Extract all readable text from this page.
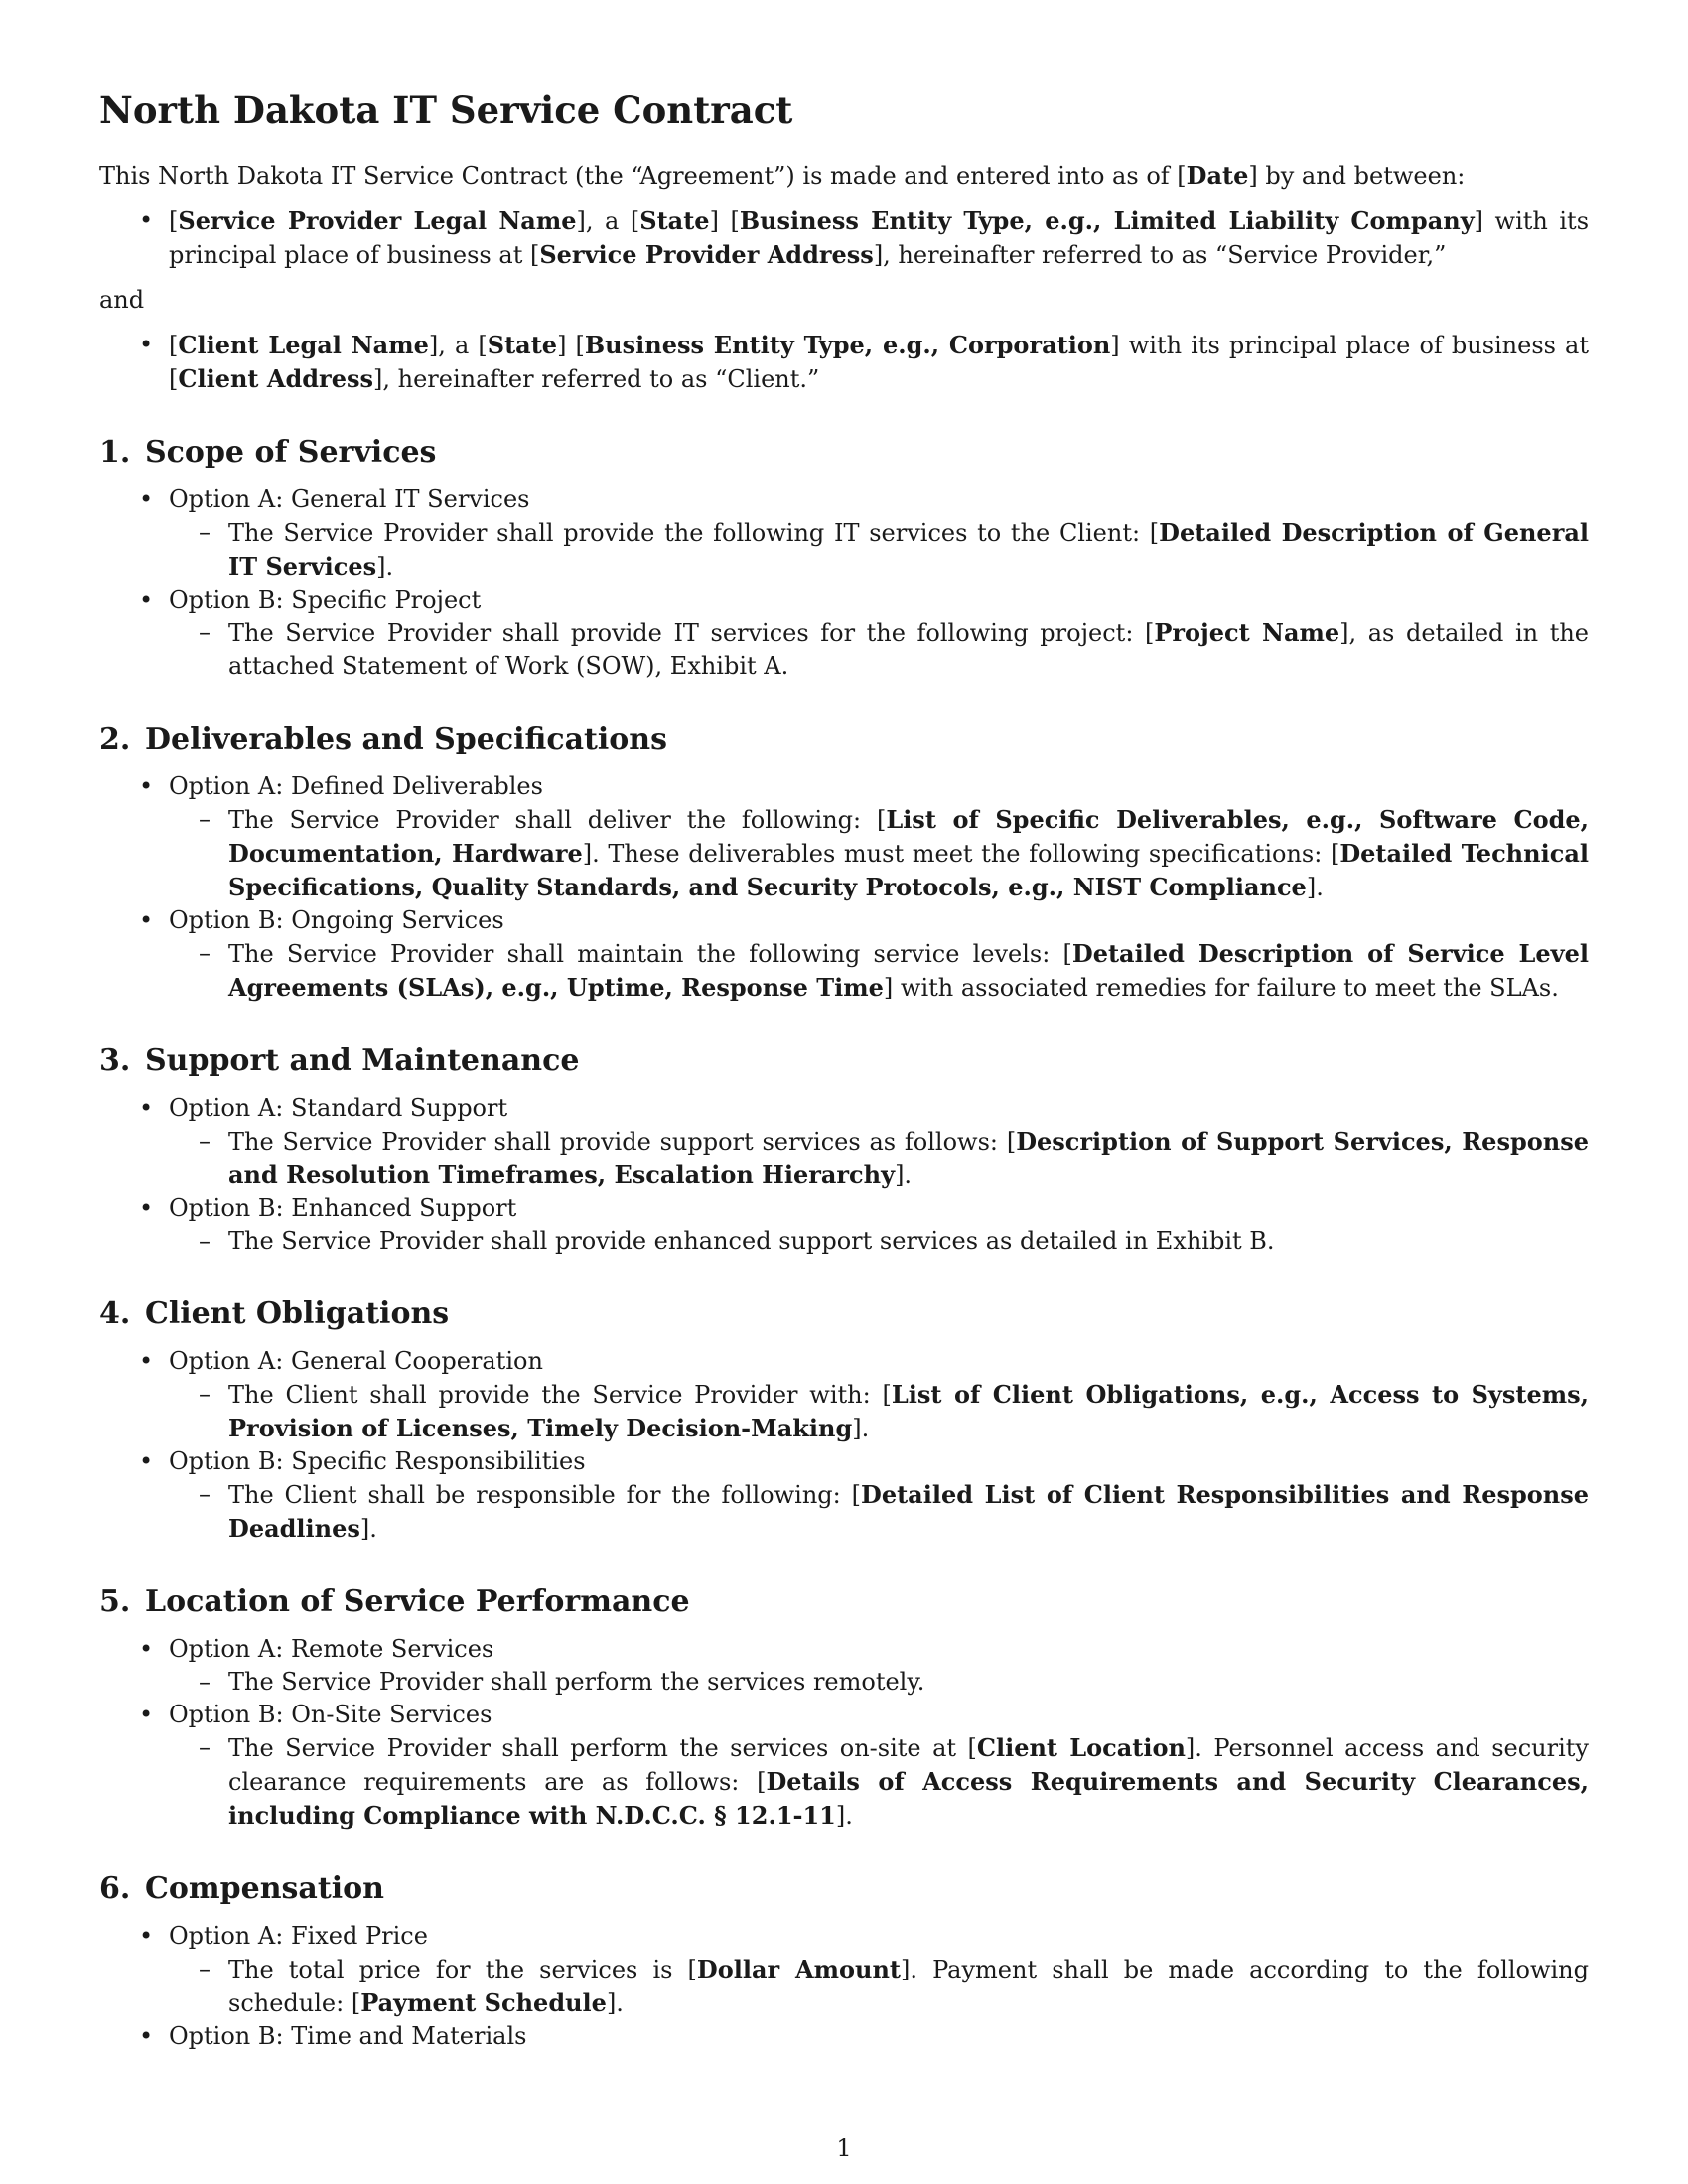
North Dakota IT Service Contract

This North Dakota IT Service Contract (the “Agreement”) is made and entered into as of [Date] by and between:

• [Service Provider Legal Name], a [State] [Business Entity Type, e.g., Limited Liability Company] with its principal place of business at [Service Provider Address], hereinafter referred to as “Service Provider,”

and

• [Client Legal Name], a [State] [Business Entity Type, e.g., Corporation] with its principal place of business at [Client Address], hereinafter referred to as “Client.”
1. Scope of Services
• Option A: General IT Services
– The Service Provider shall provide the following IT services to the Client: [Detailed Description of General IT Services].
• Option B: Specific Project
– The Service Provider shall provide IT services for the following project: [Project Name], as detailed in the attached Statement of Work (SOW), Exhibit A.
2. Deliverables and Specifications
• Option A: Defined Deliverables
– The Service Provider shall deliver the following: [List of Specific Deliverables, e.g., Software Code, Documentation, Hardware]. These deliverables must meet the following specifications: [Detailed Technical Specifications, Quality Standards, and Security Protocols, e.g., NIST Compliance].
• Option B: Ongoing Services
– The Service Provider shall maintain the following service levels: [Detailed Description of Service Level Agreements (SLAs), e.g., Uptime, Response Time] with associated remedies for failure to meet the SLAs.
3. Support and Maintenance
• Option A: Standard Support
– The Service Provider shall provide support services as follows: [Description of Support Services, Response and Resolution Timeframes, Escalation Hierarchy].
• Option B: Enhanced Support
– The Service Provider shall provide enhanced support services as detailed in Exhibit B.
4. Client Obligations
• Option A: General Cooperation
– The Client shall provide the Service Provider with: [List of Client Obligations, e.g., Access to Systems, Provision of Licenses, Timely Decision-Making].
• Option B: Specific Responsibilities
– The Client shall be responsible for the following: [Detailed List of Client Responsibilities and Response Deadlines].
5. Location of Service Performance
• Option A: Remote Services
– The Service Provider shall perform the services remotely.
• Option B: On-Site Services
– The Service Provider shall perform the services on-site at [Client Location]. Personnel access and security clearance requirements are as follows: [Details of Access Requirements and Security Clearances, including Compliance with N.D.C.C. § 12.1-11].
6. Compensation
• Option A: Fixed Price
– The total price for the services is [Dollar Amount]. Payment shall be made according to the following schedule: [Payment Schedule].
• Option B: Time and Materials
1
